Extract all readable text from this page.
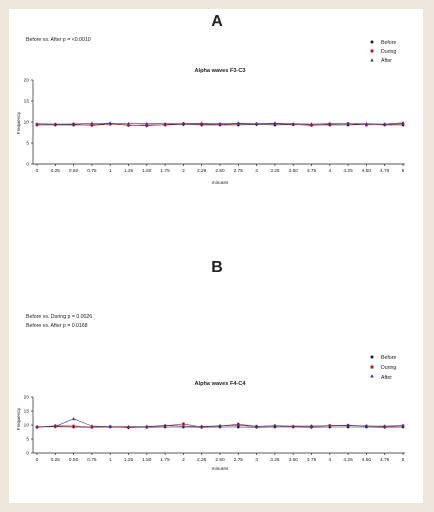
A
Before vs. After p = <0.0010
Alpha waves F3-C3
minutes
Frequency
Before
During
After
B
Before vs. During p = 0.0026
Before vs. After p = 0.0168
Alpha waves F4-C4
minutes
Frequency
Before
During
After
0
5
10
15
20
0	0.25 0.50 0.75	1	1.25 1.50 1.75	2	2.25 2.50 2.75	3	3.25 3.50 3.75	4	4.25 4.50 4.75	5
0
5
10
15
20
0	0.25 0.50 0.75	1	1.25 1.50 1.75	2	2.25 2.50 2.75	3	3.25 3.50 3.75	4	4.25 4.50 4.75	5
